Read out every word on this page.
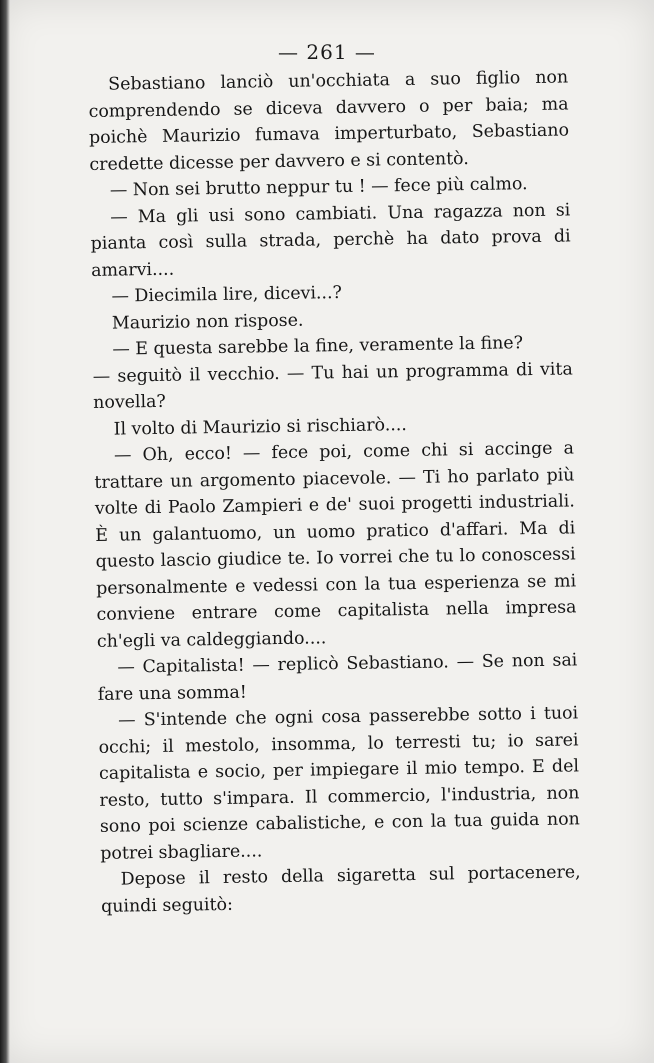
— 261 —

Sebastiano lanciò un'occhiata a suo figlio non comprendendo se diceva davvero o per baia; ma poichè Maurizio fumava imperturbato, Sebastiano credette dicesse per davvero e si contentò.

— Non sei brutto neppur tu ! — fece più calmo.

— Ma gli usi sono cambiati. Una ragazza non si pianta così sulla strada, perchè ha dato prova di amarvi....

— Diecimila lire, dicevi...?

Maurizio non rispose.

— E questa sarebbe la fine, veramente la fine?

— seguitò il vecchio. — Tu hai un programma di vita novella?

Il volto di Maurizio si rischiarò....

— Oh, ecco! — fece poi, come chi si accinge a trattare un argomento piacevole. — Ti ho parlato più volte di Paolo Zampieri e de' suoi progetti industriali. È un galantuomo, un uomo pratico d'affari. Ma di questo lascio giudice te. Io vorrei che tu lo conoscessi personalmente e vedessi con la tua esperienza se mi conviene entrare come capitalista nella impresa ch'egli va caldeggiando....

— Capitalista! — replicò Sebastiano. — Se non sai fare una somma!

— S'intende che ogni cosa passerebbe sotto i tuoi occhi; il mestolo, insomma, lo terresti tu; io sarei capitalista e socio, per impiegare il mio tempo. E del resto, tutto s'impara. Il commercio, l'industria, non sono poi scienze cabalistiche, e con la tua guida non potrei sbagliare....

Depose il resto della sigaretta sul portacenere, quindi seguitò:
